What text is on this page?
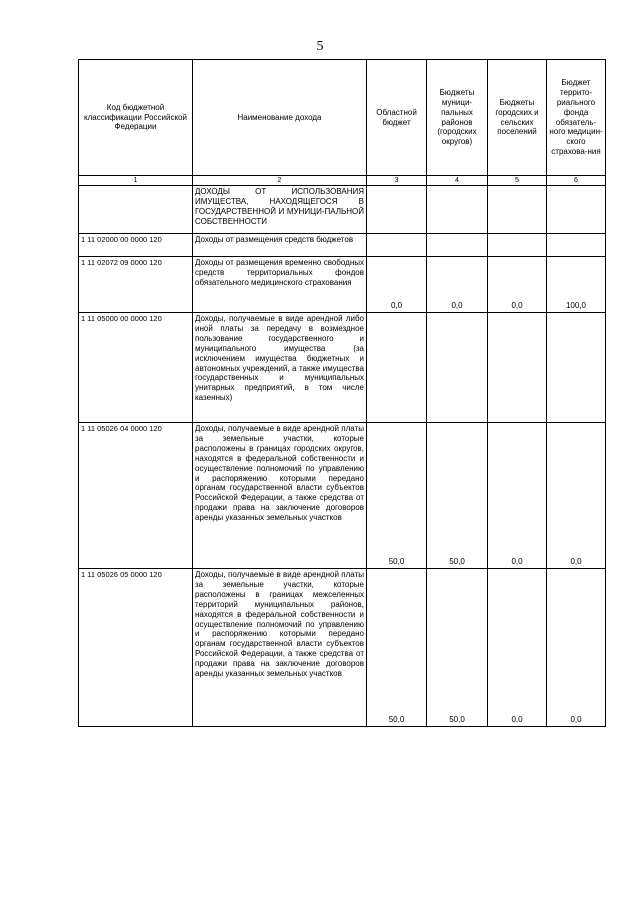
5
Код бюджетной классификации Российской Федерации	Наименование дохода	Областной бюджет	Бюджеты муници-пальных районов (городских округов)	Бюджеты городских и сельских поселений	Бюджет террито-риального фонда обязатель-ного медицин-ского страхова-ния
1	2	3	4	5	6
	ДОХОДЫ ОТ ИСПОЛЬЗОВАНИЯ ИМУЩЕСТВА, НАХОДЯЩЕГОСЯ В ГОСУДАРСТВЕННОЙ И МУНИЦИ-ПАЛЬНОЙ СОБСТВЕННОСТИ				
1 11 02000 00 0000 120	Доходы от размещения средств бюджетов				
1 11 02072 09 0000 120	Доходы от размещения временно свободных средств территориальных фондов обязательного медицинского страхования	0,0	0,0	0,0	100,0
1 11 05000 00 0000 120	Доходы, получаемые в виде арендной либо иной платы за передачу в возмездное пользование государственного и муниципального имущества (за исключением имущества бюджетных и автономных учреждений, а также имущества государственных и муниципальных унитарных предприятий, в том числе казенных)				
1 11 05026 04 0000 120	Доходы, получаемые в виде арендной платы за земельные участки, которые расположены в границах городских округов, находятся в федеральной собственности и осуществление полномочий по управлению и распоряжению которыми передано органам государственной власти субъектов Российской Федерации, а также средства от продажи права на заключение договоров аренды указанных земельных участков	50,0	50,0	0,0	0,0
1 11 05026 05 0000 120	Доходы, получаемые в виде арендной платы за земельные участки, которые расположены в границах межселенных территорий муниципальных районов, находятся в федеральной собственности и осуществление полномочий по управлению и распоряжению которыми передано органам государственной власти субъектов Российской Федерации, а также средства от продажи права на заключение договоров аренды указанных земельных участков	50,0	50,0	0,0	0,0
